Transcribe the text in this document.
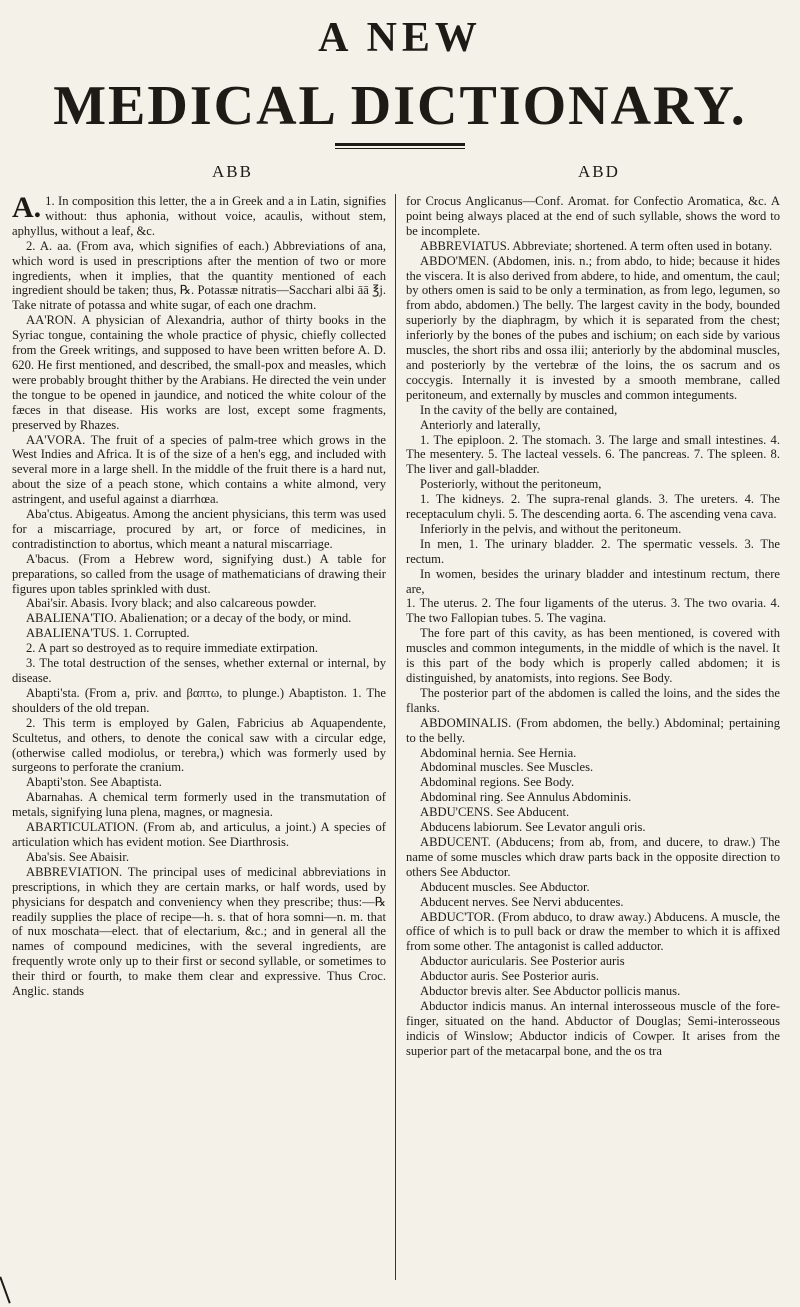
A NEW
MEDICAL DICTIONARY.
ABB	ABD

A. 1. In composition this letter, the a in Greek and a in Latin, signifies without: thus aphonia, without voice, acaulis, without stem, aphyllus, without a leaf, &c.

2. A. aa. (From ava, which signifies of each.) Abbreviations of ana, which word is used in prescriptions after the mention of two or more ingredients, when it implies, that the quantity mentioned of each ingredient should be taken; thus, ℞. Potassæ nitratis—Sacchari albi āā ℥j. Take nitrate of potassa and white sugar, of each one drachm.

AA'RON. A physician of Alexandria, author of thirty books in the Syriac tongue, containing the whole practice of physic, chiefly collected from the Greek writings, and supposed to have been written before A. D. 620. He first mentioned, and described, the small-pox and measles, which were probably brought thither by the Arabians. He directed the vein under the tongue to be opened in jaundice, and noticed the white colour of the fæces in that disease. His works are lost, except some fragments, preserved by Rhazes.

AA'VORA. The fruit of a species of palm-tree which grows in the West Indies and Africa. It is of the size of a hen's egg, and included with several more in a large shell. In the middle of the fruit there is a hard nut, about the size of a peach stone, which contains a white almond, very astringent, and useful against a diarrhœa.

Aba'ctus. Abigeatus. Among the ancient physicians, this term was used for a miscarriage, procured by art, or force of medicines, in contradistinction to abortus, which meant a natural miscarriage.

A'bacus. (From a Hebrew word, signifying dust.) A table for preparations, so called from the usage of mathematicians of drawing their figures upon tables sprinkled with dust.

Abai'sir. Abasis. Ivory black; and also calcareous powder.

ABALIENA'TIO. Abalienation; or a decay of the body, or mind.

ABALIENA'TUS. 1. Corrupted.

2. A part so destroyed as to require immediate extirpation.

3. The total destruction of the senses, whether external or internal, by disease.

Abapti'sta. (From a, priv. and βαπτω, to plunge.) Abaptiston. 1. The shoulders of the old trepan.

2. This term is employed by Galen, Fabricius ab Aquapendente, Scultetus, and others, to denote the conical saw with a circular edge, (otherwise called modiolus, or terebra,) which was formerly used by surgeons to perforate the cranium.

Abapti'ston. See Abaptista.

Abarnahas. A chemical term formerly used in the transmutation of metals, signifying luna plena, magnes, or magnesia.

ABARTICULATION. (From ab, and articulus, a joint.) A species of articulation which has evident motion. See Diarthrosis.

Aba'sis. See Abaisir.

ABBREVIATION. The principal uses of medicinal abbreviations in prescriptions, in which they are certain marks, or half words, used by physicians for despatch and conveniency when they prescribe; thus:—℞ readily supplies the place of recipe—h. s. that of hora somni—n. m. that of nux moschata—elect. that of electarium, &c.; and in general all the names of compound medicines, with the several ingredients, are frequently wrote only up to their first or second syllable, or sometimes to their third or fourth, to make them clear and expressive. Thus Croc. Anglic. stands

for Crocus Anglicanus—Conf. Aromat. for Confectio Aromatica, &c. A point being always placed at the end of such syllable, shows the word to be incomplete.

ABBREVIATUS. Abbreviate; shortened. A term often used in botany.

ABDO'MEN. (Abdomen, inis. n.; from abdo, to hide; because it hides the viscera. It is also derived from abdere, to hide, and omentum, the caul; by others omen is said to be only a termination, as from lego, legumen, so from abdo, abdomen.) The belly. The largest cavity in the body, bounded superiorly by the diaphragm, by which it is separated from the chest; inferiorly by the bones of the pubes and ischium; on each side by various muscles, the short ribs and ossa ilii; anteriorly by the abdominal muscles, and posteriorly by the vertebræ of the loins, the os sacrum and os coccygis. Internally it is invested by a smooth membrane, called peritoneum, and externally by muscles and common integuments.

In the cavity of the belly are contained,

Anteriorly and laterally,

1. The epiploon. 2. The stomach. 3. The large and small intestines. 4. The mesentery. 5. The lacteal vessels. 6. The pancreas. 7. The spleen. 8. The liver and gall-bladder.

Posteriorly, without the peritoneum,

1. The kidneys. 2. The supra-renal glands. 3. The ureters. 4. The receptaculum chyli. 5. The descending aorta. 6. The ascending vena cava.

Inferiorly in the pelvis, and without the peritoneum.

In men, 1. The urinary bladder. 2. The spermatic vessels. 3. The rectum.

In women, besides the urinary bladder and intestinum rectum, there are,

1. The uterus. 2. The four ligaments of the uterus. 3. The two ovaria. 4. The two Fallopian tubes. 5. The vagina.

The fore part of this cavity, as has been mentioned, is covered with muscles and common integuments, in the middle of which is the navel. It is this part of the body which is properly called abdomen; it is distinguished, by anatomists, into regions. See Body.

The posterior part of the abdomen is called the loins, and the sides the flanks.

ABDOMINALIS. (From abdomen, the belly.) Abdominal; pertaining to the belly.

Abdominal hernia. See Hernia.

Abdominal muscles. See Muscles.

Abdominal regions. See Body.

Abdominal ring. See Annulus Abdominis.

ABDU'CENS. See Abducent.

Abducens labiorum. See Levator anguli oris.

ABDUCENT. (Abducens; from ab, from, and ducere, to draw.) The name of some muscles which draw parts back in the opposite direction to others See Abductor.

Abducent muscles. See Abductor.

Abducent nerves. See Nervi abducentes.

ABDUC'TOR. (From abduco, to draw away.) Abducens. A muscle, the office of which is to pull back or draw the member to which it is affixed from some other. The antagonist is called adductor.

Abductor auricularis. See Posterior auris

Abductor auris. See Posterior auris.

Abductor brevis alter. See Abductor pollicis manus.

Abductor indicis manus. An internal interosseous muscle of the fore-finger, situated on the hand. Abductor of Douglas; Semi-interosseous indicis of Winslow; Abductor indicis of Cowper. It arises from the superior part of the metacarpal bone, and the os tra
